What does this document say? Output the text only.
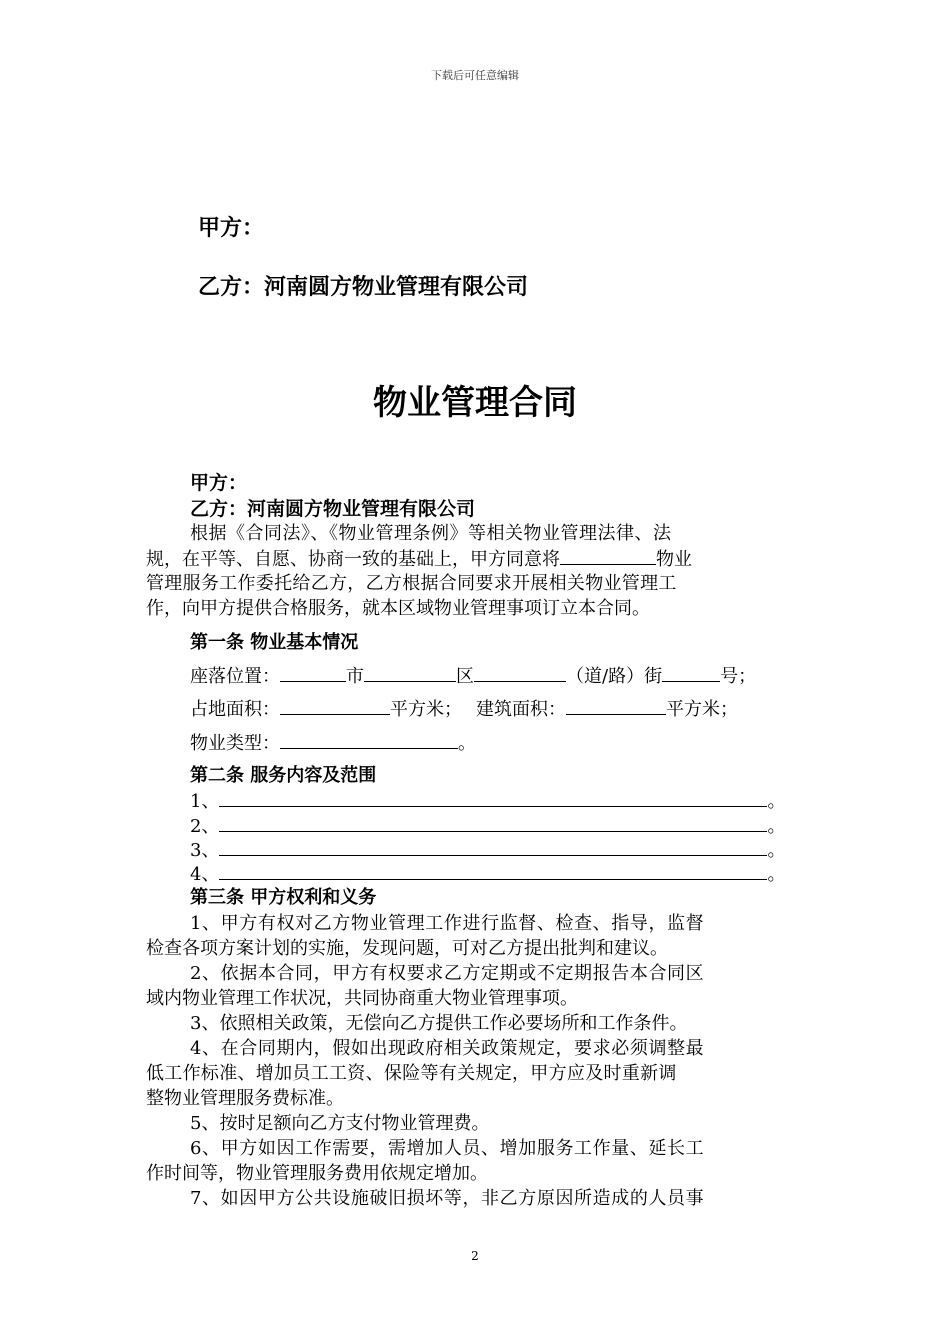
下载后可任意编辑
甲方：
乙方：河南圆方物业管理有限公司
物业管理合同
甲方：
乙方：河南圆方物业管理有限公司
根据《合同法》、《物业管理条例》等相关物业管理法律、法
规，在平等、自愿、协商一致的基础上，甲方同意将	物业
管理服务工作委托给乙方，乙方根据合同要求开展相关物业管理工
作，向甲方提供合格服务，就本区域物业管理事项订立本合同。
第一条 物业基本情况
座落位置：	市	区	（道/路）街	号；
占地面积：	平方米； 建筑面积：	平方米；
物业类型：	。
第二条 服务内容及范围
1、	。
2、	。
3、	。
4、	。
第三条 甲方权利和义务
1、甲方有权对乙方物业管理工作进行监督、检查、指导，监督
检查各项方案计划的实施，发现问题，可对乙方提出批判和建议。
2、依据本合同，甲方有权要求乙方定期或不定期报告本合同区
域内物业管理工作状况，共同协商重大物业管理事项。
3、依照相关政策，无偿向乙方提供工作必要场所和工作条件。
4、在合同期内，假如出现政府相关政策规定，要求必须调整最
低工作标准、增加员工工资、保险等有关规定，甲方应及时重新调
整物业管理服务费标准。
5、按时足额向乙方支付物业管理费。
6、甲方如因工作需要，需增加人员、增加服务工作量、延长工
作时间等，物业管理服务费用依规定增加。
7、如因甲方公共设施破旧损坏等，非乙方原因所造成的人员事
2
